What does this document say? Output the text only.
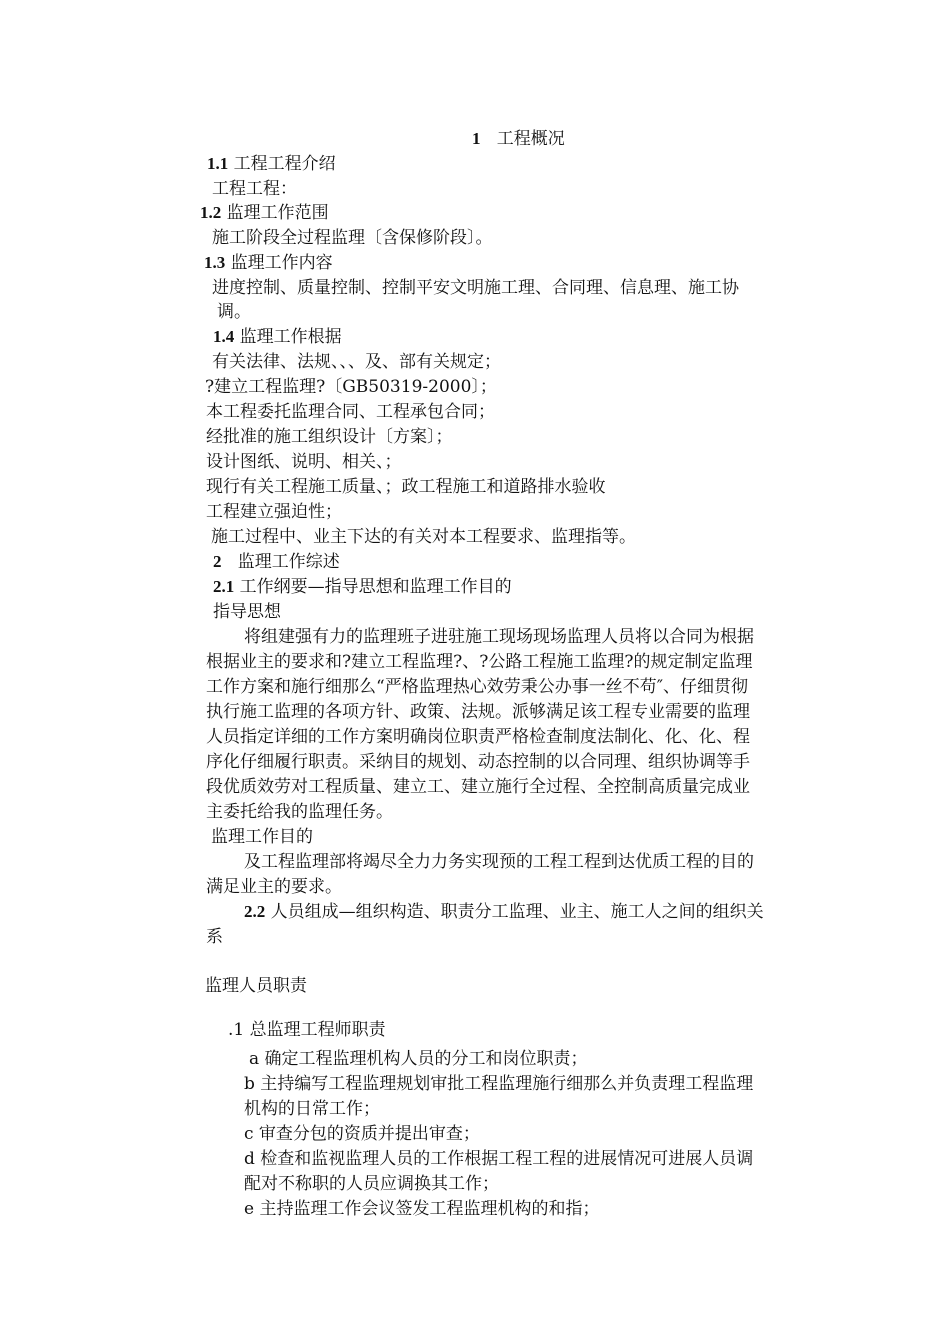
1 工程概况
1.1 工程工程介绍
工程工程：
1.2 监理工作范围
施工阶段全过程监理〔含保修阶段〕。
1.3 监理工作内容
进度控制、质量控制、控制平安文明施工理、合同理、信息理、施工协
调。
1.4 监理工作根据
有关法律、法规、、、及、部有关规定；
?建立工程监理?〔GB50319-2000〕；
本工程委托监理合同、工程承包合同；
经批准的施工组织设计〔方案〕；
设计图纸、说明、相关、；
现行有关工程施工质量、；政工程施工和道路排水验收
工程建立强迫性；
施工过程中、业主下达的有关对本工程要求、监理指等。
2 监理工作综述
2.1 工作纲要—指导思想和监理工作目的
指导思想
将组建强有力的监理班子进驻施工现场现场监理人员将以合同为根据
根据业主的要求和?建立工程监理?、?公路工程施工监理?的规定制定监理
工作方案和施行细那么“严格监理热心效劳秉公办事一丝不苟″、仔细贯彻
执行施工监理的各项方针、政策、法规。派够满足该工程专业需要的监理
人员指定详细的工作方案明确岗位职责严格检查制度法制化、化、化、程
序化仔细履行职责。采纳目的规划、动态控制的以合同理、组织协调等手
段优质效劳对工程质量、建立工、建立施行全过程、全控制高质量完成业
主委托给我的监理任务。
监理工作目的
及工程监理部将竭尽全力力务实现预的工程工程到达优质工程的目的
满足业主的要求。
2.2 人员组成—组织构造、职责分工监理、业主、施工人之间的组织关
系
监理人员职责
.1 总监理工程师职责
a 确定工程监理机构人员的分工和岗位职责；
b 主持编写工程监理规划审批工程监理施行细那么并负责理工程监理
机构的日常工作；
c 审查分包的资质并提出审查；
d 检查和监视监理人员的工作根据工程工程的进展情况可进展人员调
配对不称职的人员应调换其工作；
e 主持监理工作会议签发工程监理机构的和指；
